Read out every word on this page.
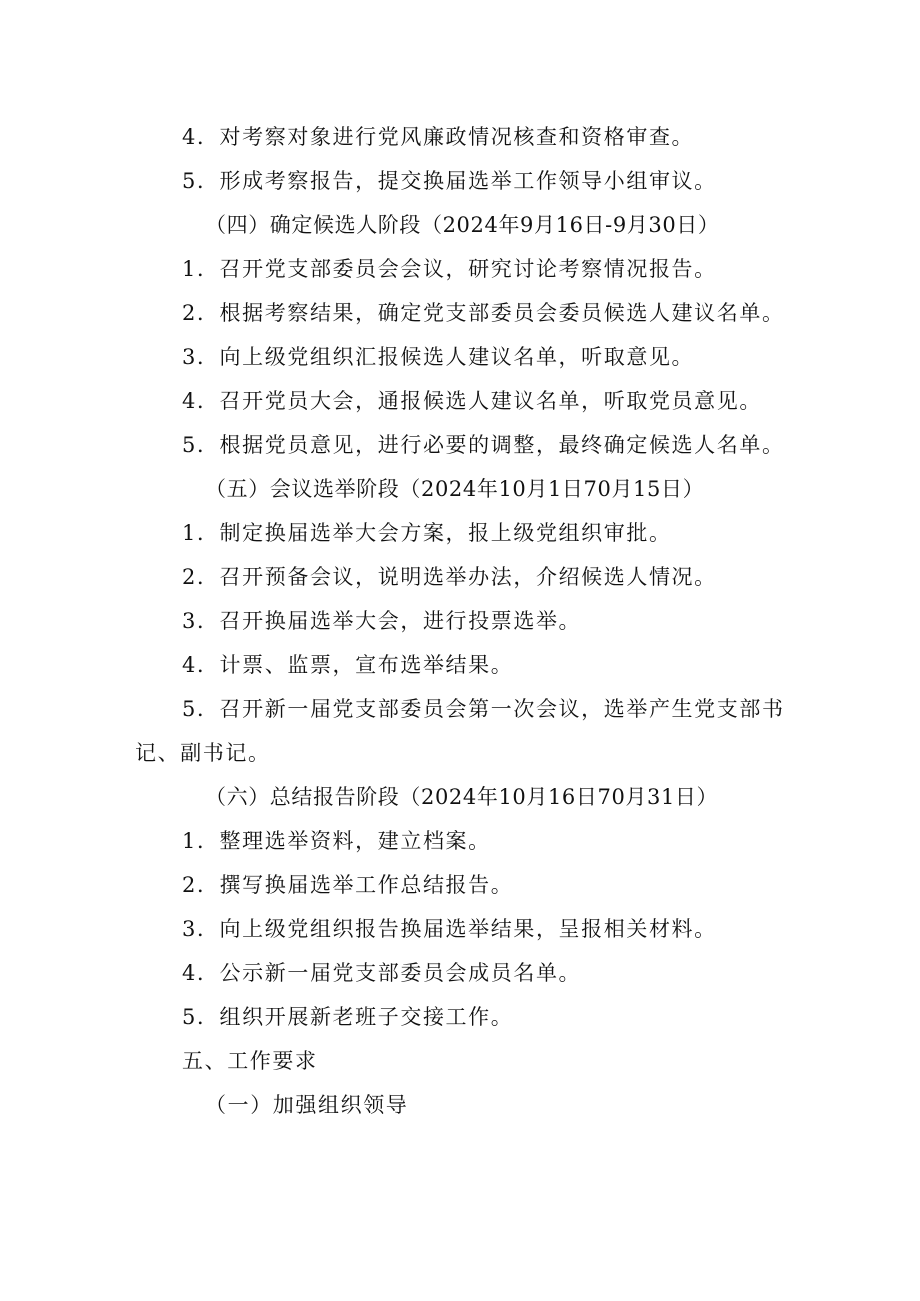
4．对考察对象进行党风廉政情况核查和资格审查。
5．形成考察报告，提交换届选举工作领导小组审议。
（四）确定候选人阶段（2024年9月16日-9月30日）
1．召开党支部委员会会议，研究讨论考察情况报告。
2．根据考察结果，确定党支部委员会委员候选人建议名单。
3．向上级党组织汇报候选人建议名单，听取意见。
4．召开党员大会，通报候选人建议名单，听取党员意见。
5．根据党员意见，进行必要的调整，最终确定候选人名单。
（五）会议选举阶段（2024年10月1日70月15日）
1．制定换届选举大会方案，报上级党组织审批。
2．召开预备会议，说明选举办法，介绍候选人情况。
3．召开换届选举大会，进行投票选举。
4．计票、监票，宣布选举结果。
5．召开新一届党支部委员会第一次会议，选举产生党支部书
记、副书记。
（六）总结报告阶段（2024年10月16日70月31日）
1．整理选举资料，建立档案。
2．撰写换届选举工作总结报告。
3．向上级党组织报告换届选举结果，呈报相关材料。
4．公示新一届党支部委员会成员名单。
5．组织开展新老班子交接工作。
五、工作要求
（一）加强组织领导
